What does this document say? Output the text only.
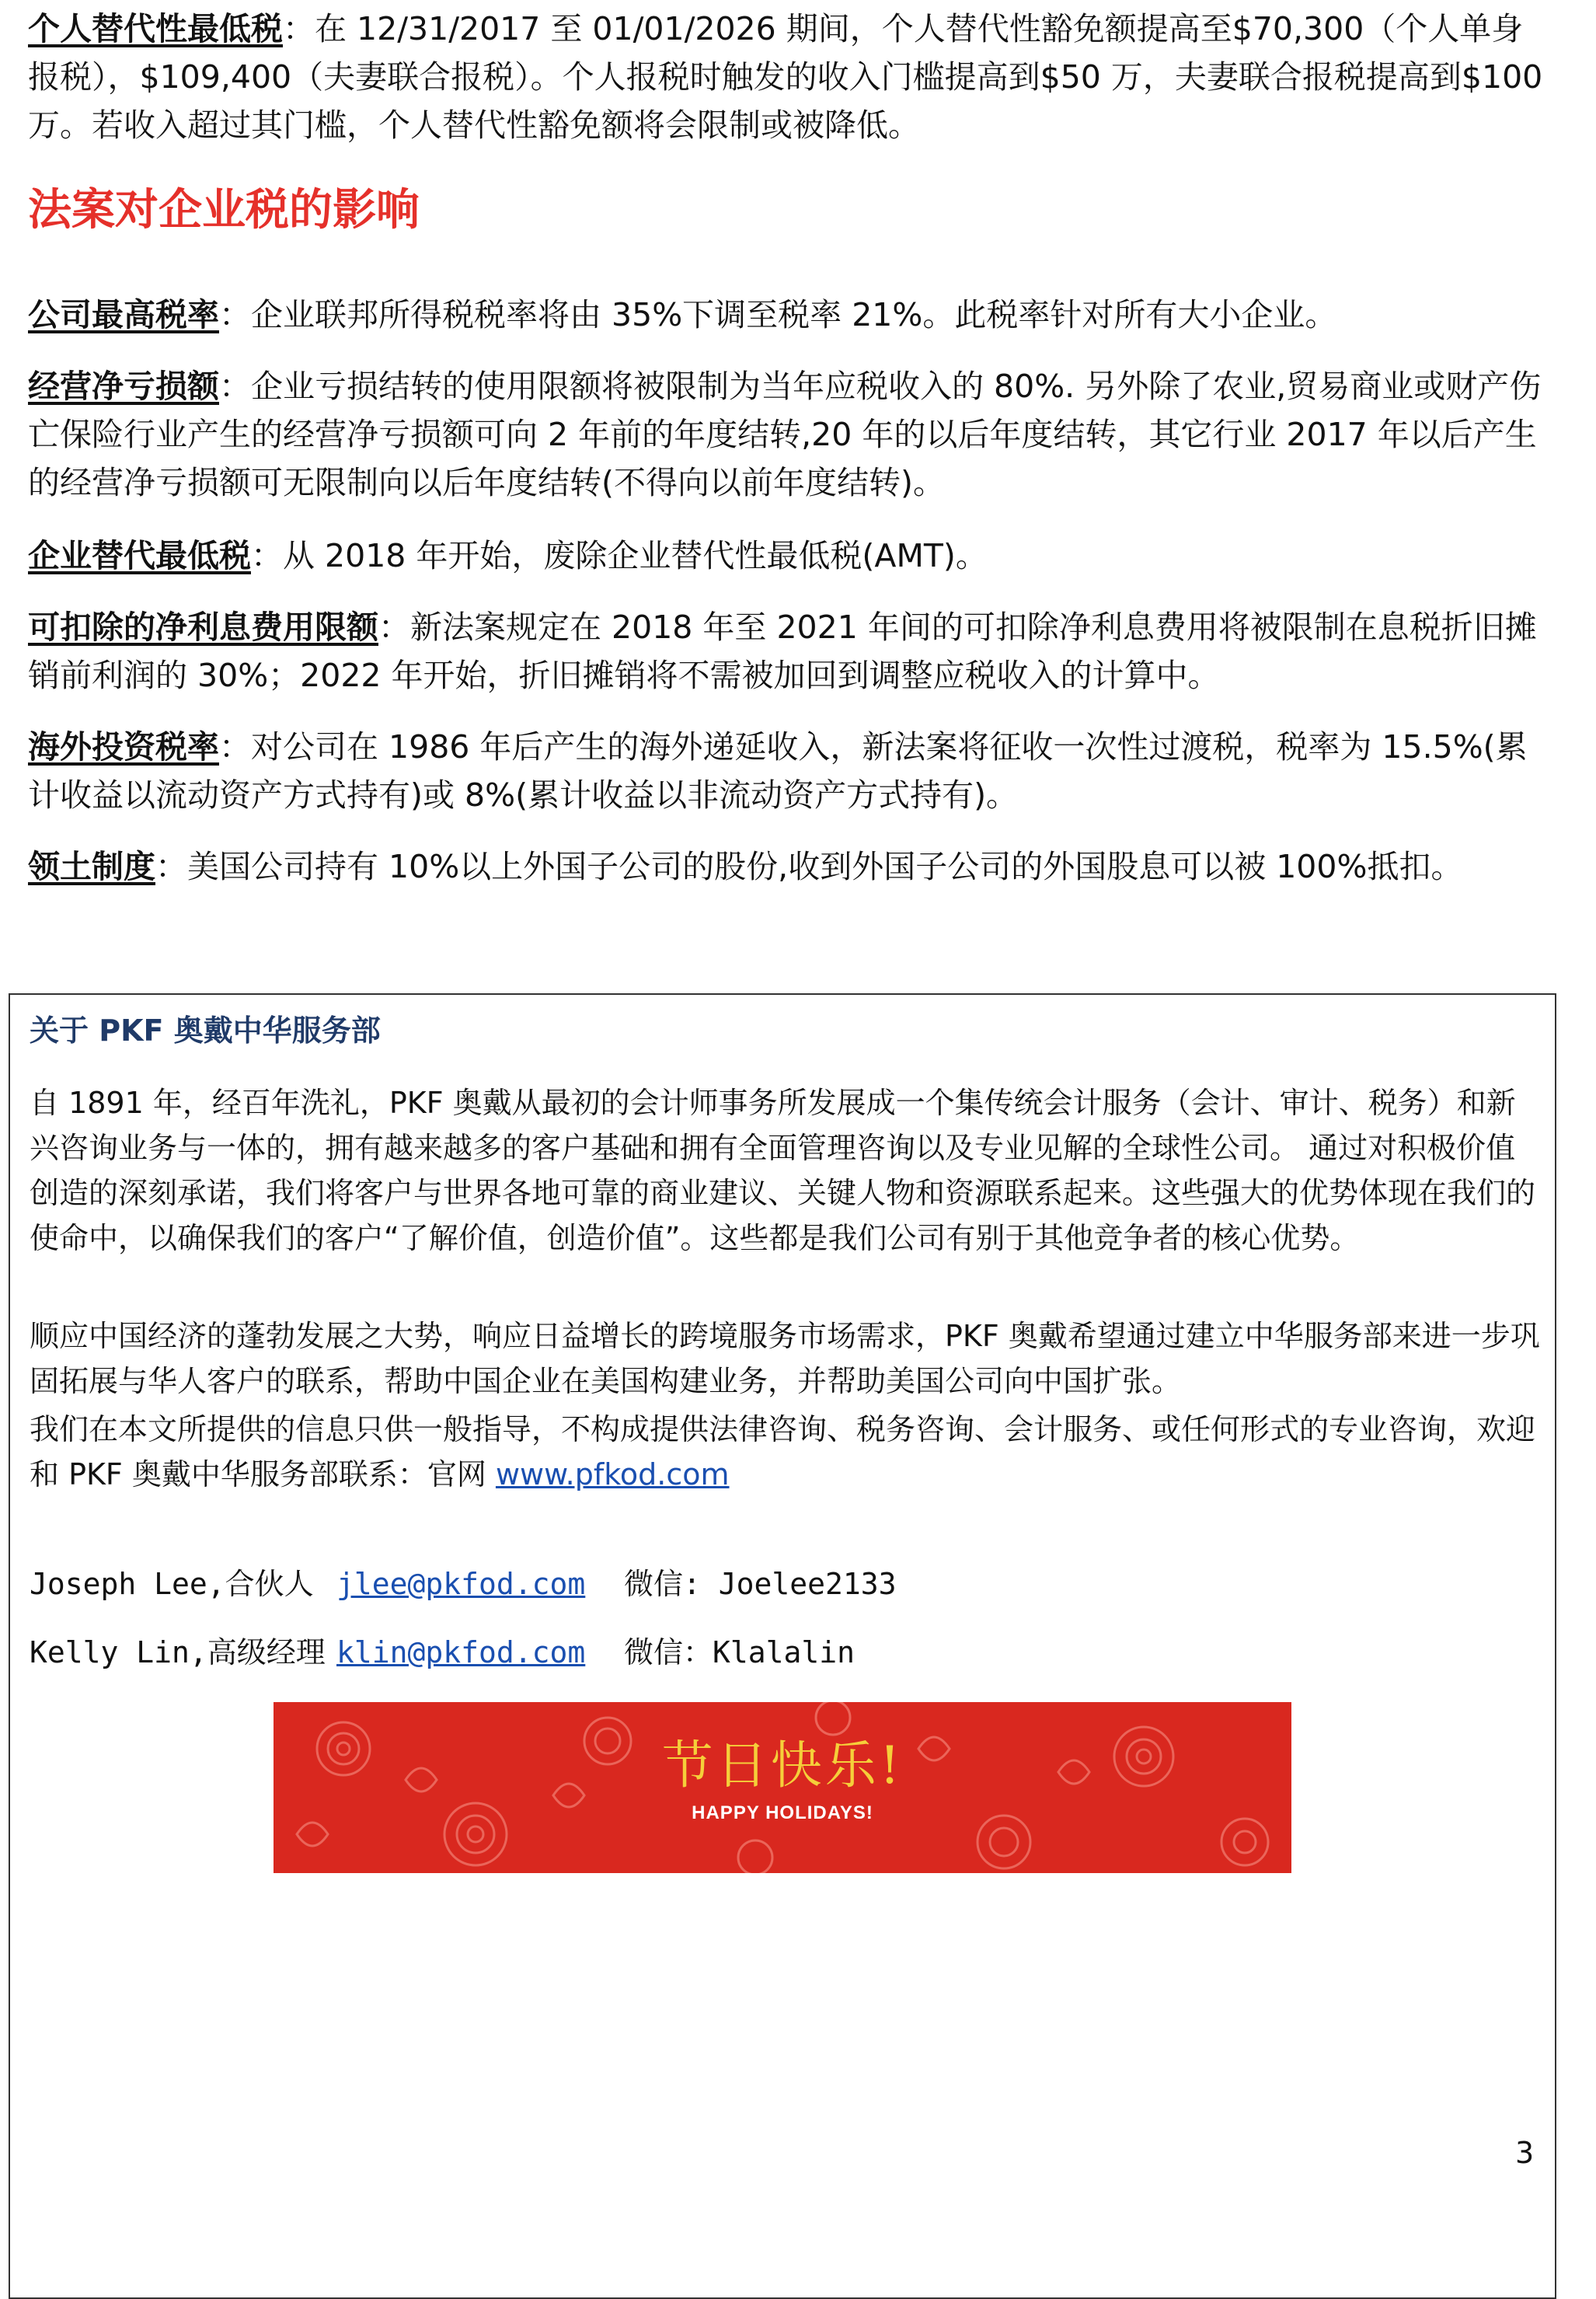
个人替代性最低税：在 12/31/2017 至 01/01/2026 期间，个人替代性豁免额提高至$70,300（个人单身报税），$109,400（夫妻联合报税）。个人报税时触发的收入门槛提高到$50 万，夫妻联合报税提高到$100 万。若收入超过其门槛，个人替代性豁免额将会限制或被降低。

法案对企业税的影响

公司最高税率：企业联邦所得税税率将由 35%下调至税率 21%。此税率针对所有大小企业。

经营净亏损额：企业亏损结转的使用限额将被限制为当年应税收入的 80%. 另外除了农业,贸易商业或财产伤亡保险行业产生的经营净亏损额可向 2 年前的年度结转,20 年的以后年度结转，其它行业 2017 年以后产生的经营净亏损额可无限制向以后年度结转(不得向以前年度结转)。

企业替代最低税：从 2018 年开始，废除企业替代性最低税(AMT)。

可扣除的净利息费用限额：新法案规定在 2018 年至 2021 年间的可扣除净利息费用将被限制在息税折旧摊销前利润的 30%；2022 年开始，折旧摊销将不需被加回到调整应税收入的计算中。

海外投资税率：对公司在 1986 年后产生的海外递延收入，新法案将征收一次性过渡税，税率为 15.5%(累计收益以流动资产方式持有)或 8%(累计收益以非流动资产方式持有)。

领土制度：美国公司持有 10%以上外国子公司的股份,收到外国子公司的外国股息可以被 100%抵扣。

关于 PKF 奥戴中华服务部

自 1891 年，经百年洗礼，PKF 奥戴从最初的会计师事务所发展成一个集传统会计服务（会计、审计、税务）和新兴咨询业务与一体的，拥有越来越多的客户基础和拥有全面管理咨询以及专业见解的全球性公司。 通过对积极价值创造的深刻承诺，我们将客户与世界各地可靠的商业建议、关键人物和资源联系起来。这些强大的优势体现在我们的使命中，以确保我们的客户“了解价值，创造价值”。这些都是我们公司有别于其他竞争者的核心优势。

顺应中国经济的蓬勃发展之大势，响应日益增长的跨境服务市场需求，PKF 奥戴希望通过建立中华服务部来进一步巩固拓展与华人客户的联系，帮助中国企业在美国构建业务，并帮助美国公司向中国扩张。

我们在本文所提供的信息只供一般指导，不构成提供法律咨询、税务咨询、会计服务、或任何形式的专业咨询，欢迎和 PKF 奥戴中华服务部联系：官网 www.pfkod.com

Joseph Lee,合伙人 jlee@pkfod.com 微信: Joelee2133

Kelly Lin,高级经理 klin@pkfod.com 微信：Klalalin

节日快乐!
HAPPY HOLIDAYS!
3
